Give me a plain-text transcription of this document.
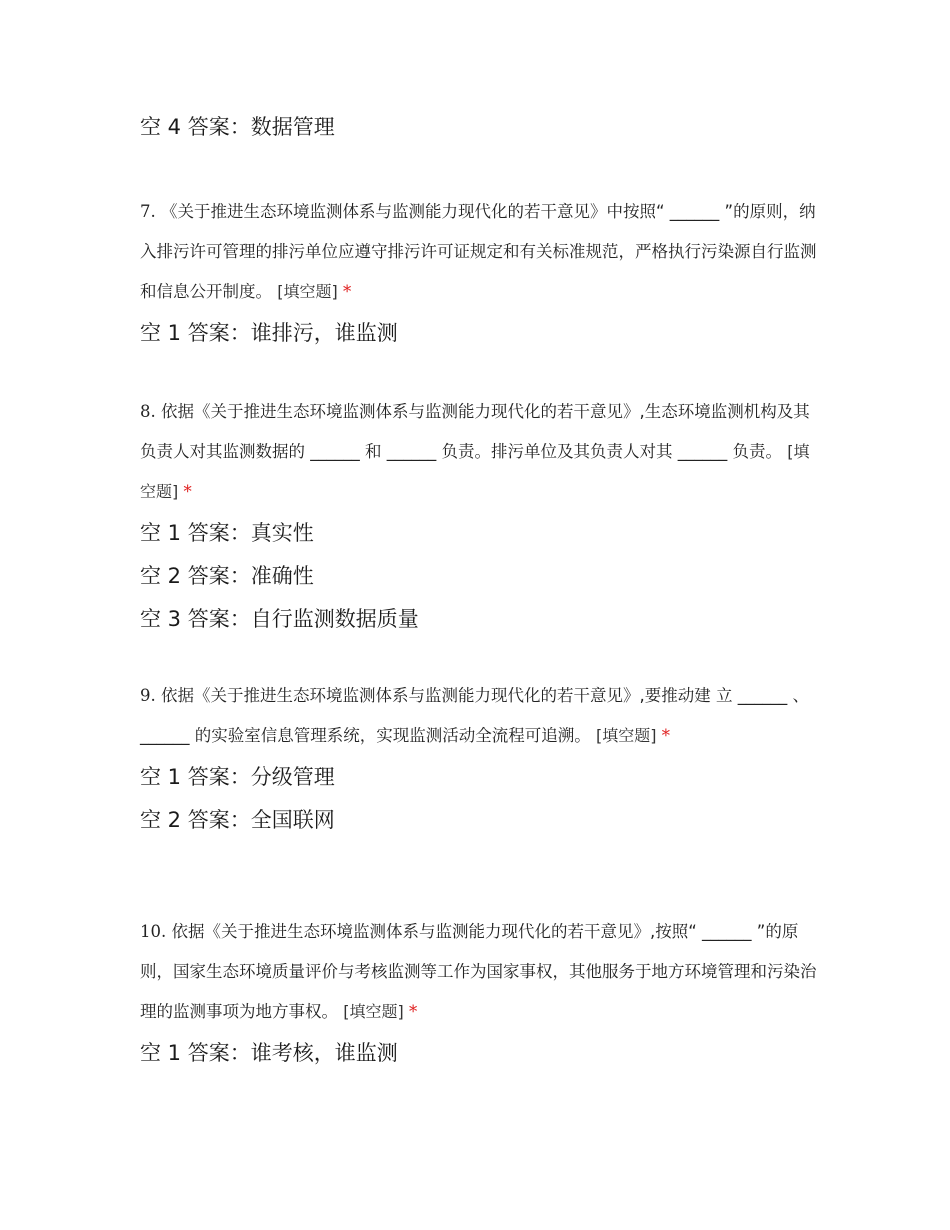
空 4 答案：数据管理

7. 《关于推进生态环境监测体系与监测能力现代化的若干意见》中按照“ ______ ”的原则，纳入排污许可管理的排污单位应遵守排污许可证规定和有关标准规范，严格执行污染源自行监测和信息公开制度。 [填空题] *

空 1 答案：谁排污，谁监测

8. 依据《关于推进生态环境监测体系与监测能力现代化的若干意见》,生态环境监测机构及其负责人对其监测数据的 ______ 和 ______ 负责。排污单位及其负责人对其 ______ 负责。 [填空题] *

空 1 答案：真实性
空 2 答案：准确性
空 3 答案：自行监测数据质量

9. 依据《关于推进生态环境监测体系与监测能力现代化的若干意见》,要推动建 立 ______ 、______ 的实验室信息管理系统，实现监测活动全流程可追溯。 [填空题] *

空 1 答案：分级管理
空 2 答案：全国联网

10. 依据《关于推进生态环境监测体系与监测能力现代化的若干意见》,按照“ ______ ”的原则，国家生态环境质量评价与考核监测等工作为国家事权，其他服务于地方环境管理和污染治理的监测事项为地方事权。 [填空题] *

空 1 答案：谁考核，谁监测
